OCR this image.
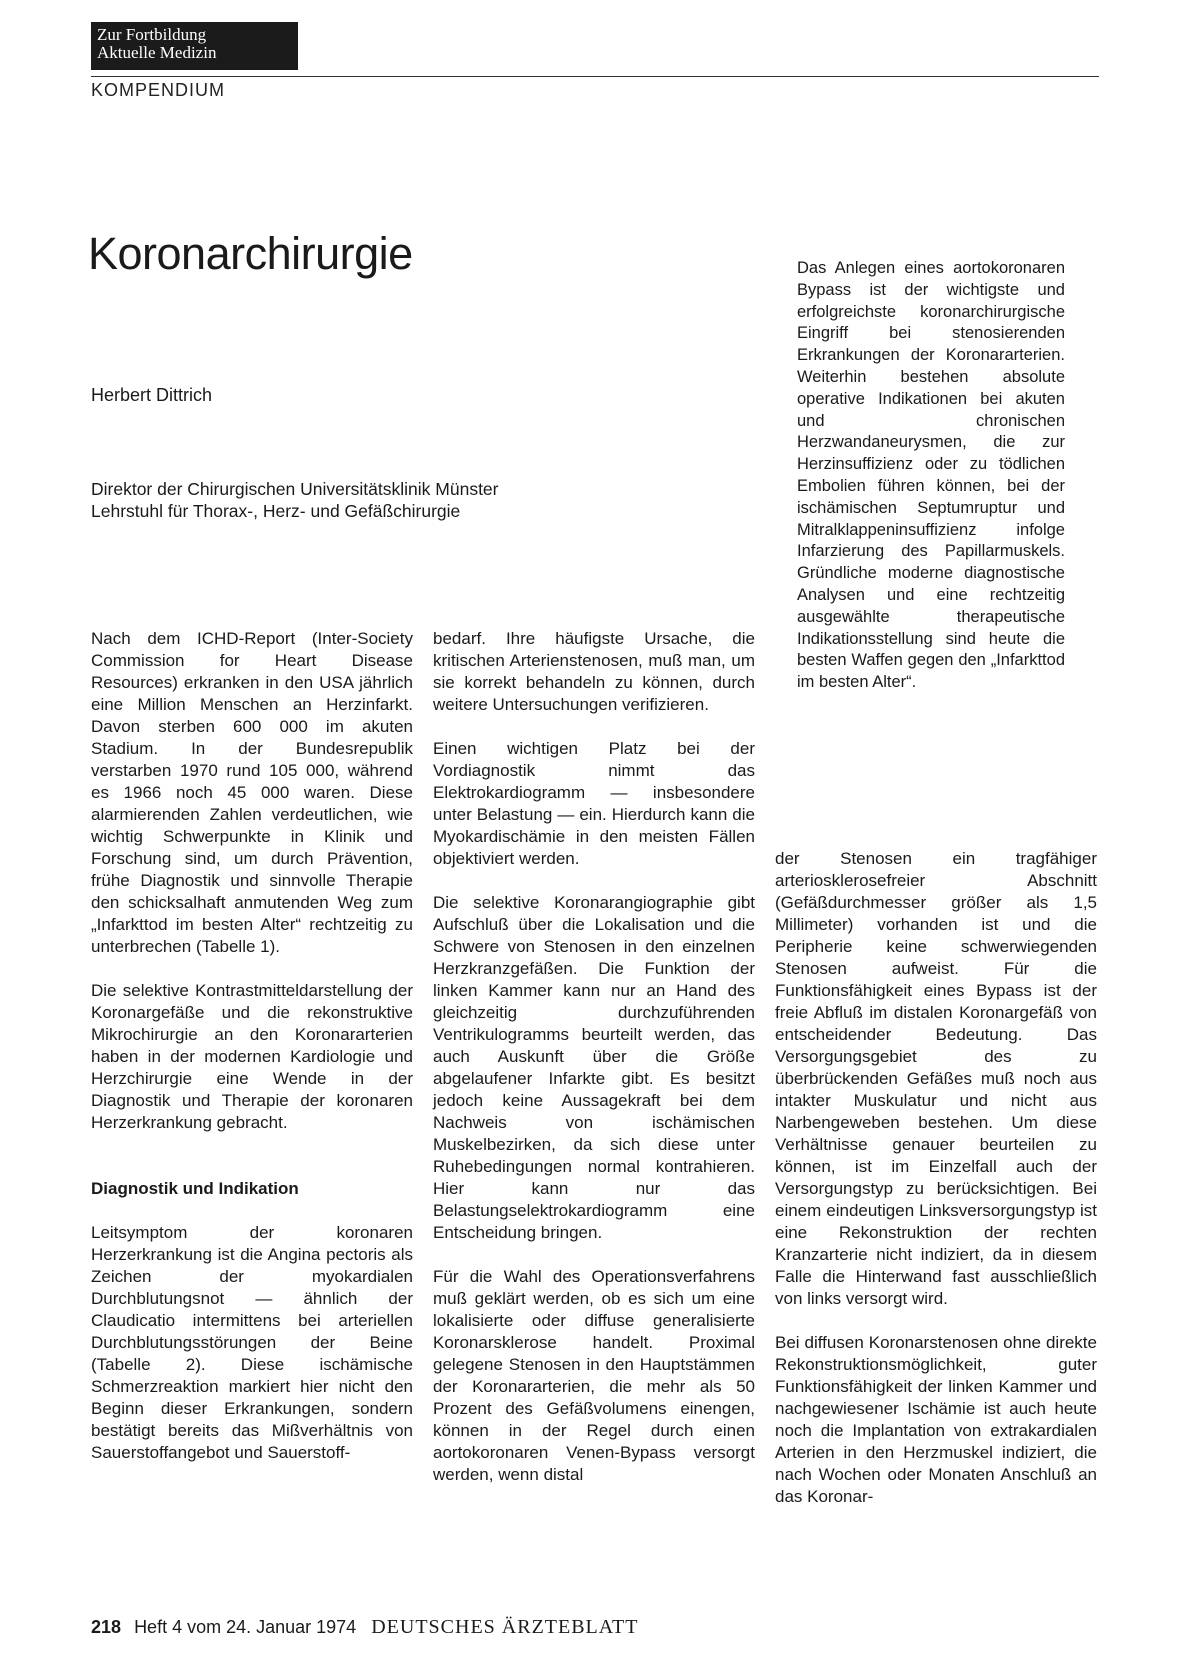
Zur Fortbildung
Aktuelle Medizin
KOMPENDIUM
Koronarchirurgie
Herbert Dittrich
Direktor der Chirurgischen Universitätsklinik Münster
Lehrstuhl für Thorax-, Herz- und Gefäßchirurgie

Das Anlegen eines aortokoronaren Bypass ist der wichtigste und erfolgreichste koronarchirurgische Eingriff bei stenosierenden Erkrankungen der Koronararterien. Weiterhin bestehen absolute operative Indikationen bei akuten und chronischen Herzwandaneurysmen, die zur Herzinsuffizienz oder zu tödlichen Embolien führen können, bei der ischämischen Septumruptur und Mitralklappeninsuffizienz infolge Infarzierung des Papillarmuskels. Gründliche moderne diagnostische Analysen und eine rechtzeitig ausgewählte therapeutische Indikationsstellung sind heute die besten Waffen gegen den „Infarkttod im besten Alter“.

Nach dem ICHD-Report (Inter-Society Commission for Heart Disease Resources) erkranken in den USA jährlich eine Million Menschen an Herzinfarkt. Davon sterben 600 000 im akuten Stadium. In der Bundesrepublik verstarben 1970 rund 105 000, während es 1966 noch 45 000 waren. Diese alarmierenden Zahlen verdeutlichen, wie wichtig Schwerpunkte in Klinik und Forschung sind, um durch Prävention, frühe Diagnostik und sinnvolle Therapie den schicksalhaft anmutenden Weg zum „Infarkttod im besten Alter“ rechtzeitig zu unterbrechen (Tabelle 1).

Die selektive Kontrastmitteldarstellung der Koronargefäße und die rekonstruktive Mikrochirurgie an den Koronararterien haben in der modernen Kardiologie und Herzchirurgie eine Wende in der Diagnostik und Therapie der koronaren Herzerkrankung gebracht.

Diagnostik und Indikation

Leitsymptom der koronaren Herzerkrankung ist die Angina pectoris als Zeichen der myokardialen Durchblutungsnot — ähnlich der Claudicatio intermittens bei arteriellen Durchblutungsstörungen der Beine (Tabelle 2). Diese ischämische Schmerzreaktion markiert hier nicht den Beginn dieser Erkrankungen, sondern bestätigt bereits das Mißverhältnis von Sauerstoffangebot und Sauerstoff-

bedarf. Ihre häufigste Ursache, die kritischen Arterienstenosen, muß man, um sie korrekt behandeln zu können, durch weitere Untersuchungen verifizieren.

Einen wichtigen Platz bei der Vordiagnostik nimmt das Elektrokardiogramm — insbesondere unter Belastung — ein. Hierdurch kann die Myokardischämie in den meisten Fällen objektiviert werden.

Die selektive Koronarangiographie gibt Aufschluß über die Lokalisation und die Schwere von Stenosen in den einzelnen Herzkranzgefäßen. Die Funktion der linken Kammer kann nur an Hand des gleichzeitig durchzuführenden Ventrikulogramms beurteilt werden, das auch Auskunft über die Größe abgelaufener Infarkte gibt. Es besitzt jedoch keine Aussagekraft bei dem Nachweis von ischämischen Muskelbezirken, da sich diese unter Ruhebedingungen normal kontrahieren. Hier kann nur das Belastungselektrokardiogramm eine Entscheidung bringen.

Für die Wahl des Operationsverfahrens muß geklärt werden, ob es sich um eine lokalisierte oder diffuse generalisierte Koronarsklerose handelt. Proximal gelegene Stenosen in den Hauptstämmen der Koronararterien, die mehr als 50 Prozent des Gefäßvolumens einengen, können in der Regel durch einen aortokoronaren Venen-Bypass versorgt werden, wenn distal

der Stenosen ein tragfähiger arteriosklerosefreier Abschnitt (Gefäßdurchmesser größer als 1,5 Millimeter) vorhanden ist und die Peripherie keine schwerwiegenden Stenosen aufweist. Für die Funktionsfähigkeit eines Bypass ist der freie Abfluß im distalen Koronargefäß von entscheidender Bedeutung. Das Versorgungsgebiet des zu überbrückenden Gefäßes muß noch aus intakter Muskulatur und nicht aus Narbengeweben bestehen. Um diese Verhältnisse genauer beurteilen zu können, ist im Einzelfall auch der Versorgungstyp zu berücksichtigen. Bei einem eindeutigen Linksversorgungstyp ist eine Rekonstruktion der rechten Kranzarterie nicht indiziert, da in diesem Falle die Hinterwand fast ausschließlich von links versorgt wird.

Bei diffusen Koronarstenosen ohne direkte Rekonstruktionsmöglichkeit, guter Funktionsfähigkeit der linken Kammer und nachgewiesener Ischämie ist auch heute noch die Implantation von extrakardialen Arterien in den Herzmuskel indiziert, die nach Wochen oder Monaten Anschluß an das Koronar-

218 Heft 4 vom 24. Januar 1974 DEUTSCHES ÄRZTEBLATT
